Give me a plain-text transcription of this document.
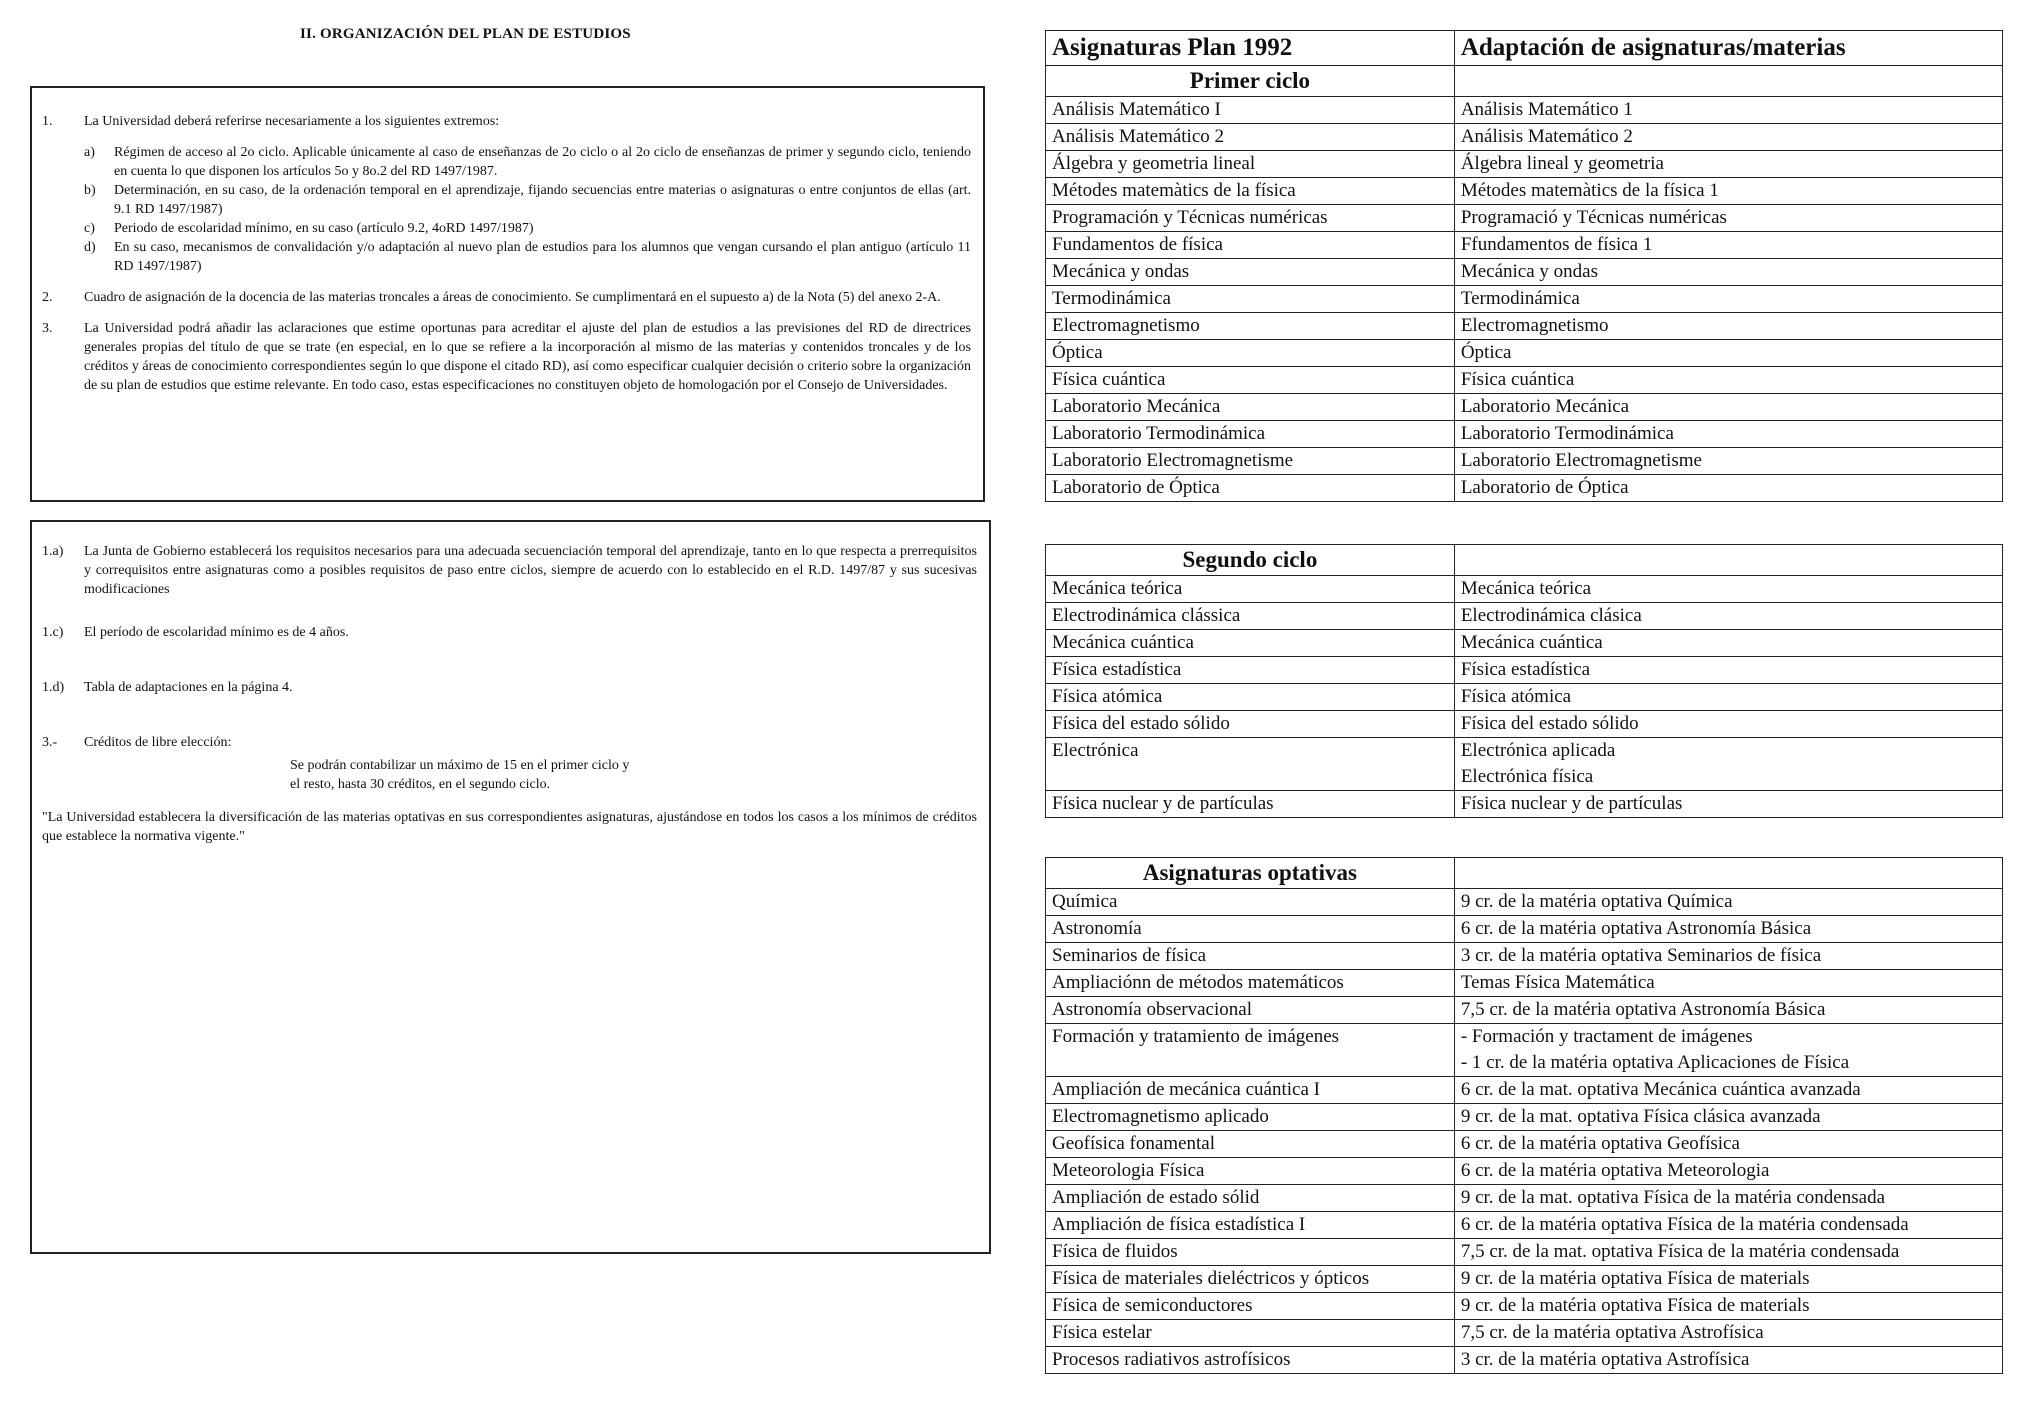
II. ORGANIZACIÓN DEL PLAN DE ESTUDIOS
1.	La Universidad deberá referirse necesariamente a los siguientes extremos:
a)	Régimen de acceso al 2o ciclo. Aplicable únicamente al caso de enseñanzas de 2o ciclo o al 2o ciclo de enseñanzas de primer y segundo ciclo, teniendo en cuenta lo que disponen los artículos 5o y 8o.2 del RD 1497/1987.
b)	Determinación, en su caso, de la ordenación temporal en el aprendizaje, fijando secuencias entre materias o asignaturas o entre conjuntos de ellas (art. 9.1 RD 1497/1987)
c)	Periodo de escolaridad mínimo, en su caso (artículo 9.2, 4oRD 1497/1987)
d)	En su caso, mecanismos de convalidación y/o adaptación al nuevo plan de estudios para los alumnos que vengan cursando el plan antiguo (artículo 11 RD 1497/1987)
2.	Cuadro de asignación de la docencia de las materias troncales a áreas de conocimiento. Se cumplimentará en el supuesto a) de la Nota (5) del anexo 2-A.
3.	La Universidad podrá añadir las aclaraciones que estime oportunas para acreditar el ajuste del plan de estudios a las previsiones del RD de directrices generales propias del título de que se trate (en especial, en lo que se refiere a la incorporación al mismo de las materias y contenidos troncales y de los créditos y áreas de conocimiento correspondientes según lo que dispone el citado RD), así como especificar cualquier decisión o criterio sobre la organización de su plan de estudios que estime relevante. En todo caso, estas especificaciones no constituyen objeto de homologación por el Consejo de Universidades.
1.a)	La Junta de Gobierno establecerá los requisitos necesarios para una adecuada secuenciación temporal del aprendizaje, tanto en lo que respecta a prerrequisitos y correquisitos entre asignaturas como a posibles requisitos de paso entre ciclos, siempre de acuerdo con lo establecido en el R.D. 1497/87 y sus sucesivas modificaciones
1.c)	El período de escolaridad mínimo es de 4 años.
1.d)	Tabla de adaptaciones en la página 4.
3.-	Créditos de libre elección:
Se podrán contabilizar un máximo de 15 en el primer ciclo y
el resto, hasta 30 créditos, en el segundo ciclo.
"La Universidad establecera la diversificación de las materias optativas en sus correspondientes asignaturas, ajustándose en todos los casos a los mínimos de créditos que establece la normativa vigente."
Asignaturas Plan 1992	Adaptación de asignaturas/materias
Primer ciclo	
Análisis Matemático I	Análisis Matemático 1
Análisis Matemático 2	Análisis Matemático 2
Álgebra y geometria lineal	Álgebra lineal y geometria
Métodes matemàtics de la física	Métodes matemàtics de la física 1
Programación y Técnicas numéricas	Programació y Técnicas numéricas
Fundamentos de física	Ffundamentos de física 1
Mecánica y ondas	Mecánica y ondas
Termodinámica	Termodinámica
Electromagnetismo	Electromagnetismo
Óptica	Óptica
Física cuántica	Física cuántica
Laboratorio Mecánica	Laboratorio Mecánica
Laboratorio Termodinámica	Laboratorio Termodinámica
Laboratorio Electromagnetisme	Laboratorio Electromagnetisme
Laboratorio de Óptica	Laboratorio de Óptica
Segundo ciclo	
Mecánica teórica	Mecánica teórica
Electrodinámica clássica	Electrodinámica clásica
Mecánica cuántica	Mecánica cuántica
Física estadística	Física estadística
Física atómica	Física atómica
Física del estado sólido	Física del estado sólido
Electrónica	Electrónica aplicada
Electrónica física
Física nuclear y de partículas	Física nuclear y de partículas
Asignaturas optativas	
Química	9 cr. de la matéria optativa Química
Astronomía	6 cr. de la matéria optativa Astronomía Básica
Seminarios de física	3 cr. de la matéria optativa Seminarios de física
Ampliaciónn de métodos matemáticos	Temas Física Matemática
Astronomía observacional	7,5 cr. de la matéria optativa Astronomía Básica
Formación y tratamiento de imágenes	- Formación y tractament de imágenes
- 1 cr. de la matéria optativa Aplicaciones de Física
Ampliación de mecánica cuántica I	6 cr. de la mat. optativa Mecánica cuántica avanzada
Electromagnetismo aplicado	9 cr. de la mat. optativa Física clásica avanzada
Geofísica fonamental	6 cr. de la matéria optativa Geofísica
Meteorologia Física	6 cr. de la matéria optativa Meteorologia
Ampliación de estado sólid	9 cr. de la mat. optativa Física de la matéria condensada
Ampliación de física estadística I	6 cr. de la matéria optativa Física de la matéria condensada
Física de fluidos	7,5 cr. de la mat. optativa Física de la matéria condensada
Física de materiales dieléctricos y ópticos	9 cr. de la matéria optativa Física de materials
Física de semiconductores	9 cr. de la matéria optativa Física de materials
Física estelar	7,5 cr. de la matéria optativa Astrofísica
Procesos radiativos astrofísicos	3 cr. de la matéria optativa Astrofísica
